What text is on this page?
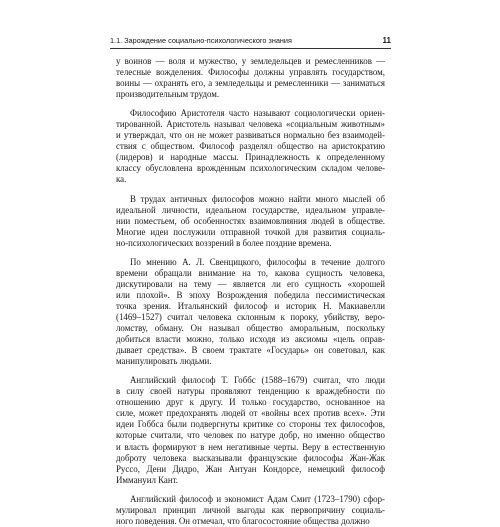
1.1. Зарождение социально-психологического знания	11

у воинов — воля и мужество, у земледельцев и ремесленников —
телесные вожделения. Философы должны управлять государством,
воины — охранять его, а земледельцы и ремесленники — заниматься
производительным трудом.

Философию Аристотеля часто называют социологически ориен-
тированной. Аристотель называл человека «социальным животным»
и утверждал, что он не может развиваться нормально без взаимодей-
ствия с обществом. Философ разделял общество на аристократию
(лидеров) и народные массы. Принадлежность к определенному
классу обусловлена врожденным психологическим складом челове-
ка.

В трудах античных философов можно найти много мыслей об
идеальной личности, идеальном государстве, идеальном управле-
нии поместьем, об особенностях взаимовлияния людей в обществе.
Многие идеи послужили отправной точкой для развития социаль-
но-психологических воззрений в более поздние времена.

По мнению А. Л. Свенцицкого, философы в течение долгого
времени обращали внимание на то, какова сущность человека,
дискутировали на тему — является ли его сущность «хорошей
или плохой». В эпоху Возрождения победила пессимистическая
точка зрения. Итальянский философ и историк Н. Макиавелли
(1469–1527) считал человека склонным к пороку, убийству, веро-
ломству, обману. Он называл общество аморальным, поскольку
добиться власти можно, только исходя из аксиомы «цель оправ-
дывает средства». В своем трактате «Государь» он советовал, как
манипулировать людьми.

Английский философ Т. Гоббс (1588–1679) считал, что люди
в силу своей натуры проявляют тенденцию к враждебности по
отношению друг к другу. И только государство, основанное на
силе, может предохранять людей от «войны всех против всех». Эти
идеи Гоббса были подвергнуты критике со стороны тех философов,
которые считали, что человек по натуре добр, но именно общество
и власть формируют в нем негативные черты. Веру в естественную
доброту человека высказывали французские философы Жан-Жак
Руссо, Дени Дидро, Жан Антуан Кондорсе, немецкий философ
Иммануил Кант.

Английский философ и экономист Адам Смит (1723–1790) сфор-
мулировал принцип личной выгоды как первопричину социаль-
ного поведения. Он отмечал, что благосостояние общества должно
